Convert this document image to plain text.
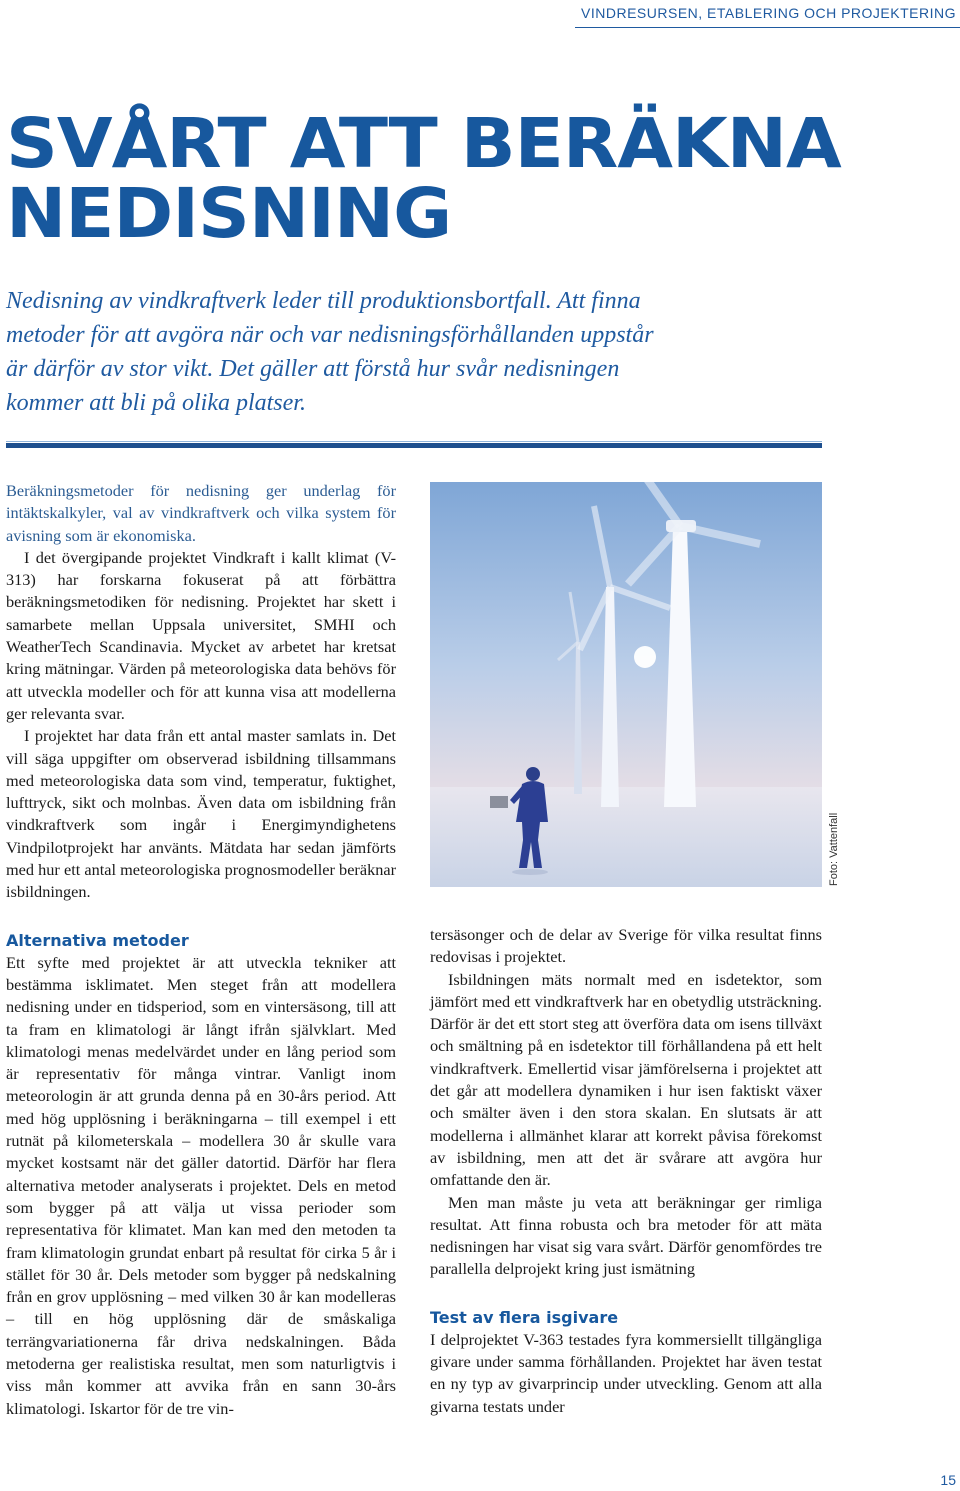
VINDRESURSEN, ETABLERING OCH PROJEKTERING
SVÅRT ATT BERÄKNA
NEDISNING

Nedisning av vindkraftverk leder till produktionsbortfall. Att finna
metoder för att avgöra när och var nedisningsförhållanden uppstår
är därför av stor vikt. Det gäller att förstå hur svår nedisningen
kommer att bli på olika platser.

Beräkningsmetoder för nedisning ger underlag för intäktskalkyler, val av vindkraftverk och vilka system för avisning som är ekonomiska.

I det övergipande projektet Vindkraft i kallt klimat (V-313) har forskarna fokuserat på att förbättra beräkningsmetodiken för nedisning. Projektet har skett i samarbete mellan Uppsala universitet, SMHI och WeatherTech Scandinavia. Mycket av arbetet har kretsat kring mätningar. Värden på meteorologiska data behövs för att utveckla modeller och för att kunna visa att modellerna ger relevanta svar.

I projektet har data från ett antal master samlats in. Det vill säga uppgifter om observerad isbildning tillsammans med meteorologiska data som vind, temperatur, fuktighet, lufttryck, sikt och molnbas. Även data om isbildning från vindkraftverk som ingår i Energimyndighetens Vindpilotprojekt har använts. Mätdata har sedan jämförts med hur ett antal meteorologiska prognosmodeller beräknar isbildningen.

Alternativa metoder

Ett syfte med projektet är att utveckla tekniker att bestämma isklimatet. Men steget från att modellera nedisning under en tidsperiod, som en vintersäsong, till att ta fram en klimatologi är långt ifrån självklart. Med klimatologi menas medelvärdet under en lång period som är representativ för många vintrar. Vanligt inom meteorologin är att grunda denna på en 30-års period. Att med hög upplösning i beräkningarna – till exempel i ett rutnät på kilometerskala – modellera 30 år skulle vara mycket kostsamt när det gäller datortid. Därför har flera alternativa metoder analyserats i projektet. Dels en metod som bygger på att välja ut vissa perioder som representativa för klimatet. Man kan med den metoden ta fram klimatologin grundat enbart på resultat för cirka 5 år i stället för 30 år. Dels metoder som bygger på nedskalning från en grov upplösning – med vilken 30 år kan modelleras – till en hög upplösning där de småskaliga terrängvariationerna får driva nedskalningen. Båda metoderna ger realistiska resultat, men som naturligtvis i viss mån kommer att avvika från en sann 30-års klimatologi. Iskartor för de tre vin-

Foto: Vattenfall

tersäsonger och de delar av Sverige för vilka resultat finns redovisas i projektet.

Isbildningen mäts normalt med en isdetektor, som jämfört med ett vindkraftverk har en obetydlig utsträckning. Därför är det ett stort steg att överföra data om isens tillväxt och smältning på en isdetektor till förhållandena på ett helt vindkraftverk. Emellertid visar jämförelserna i projektet att det går att modellera dynamiken i hur isen faktiskt växer och smälter även i den stora skalan. En slutsats är att modellerna i allmänhet klarar att korrekt påvisa förekomst av isbildning, men att det är svårare att avgöra hur omfattande den är.

Men man måste ju veta att beräkningar ger rimliga resultat. Att finna robusta och bra metoder för att mäta nedisningen har visat sig vara svårt. Därför genomfördes tre parallella delprojekt kring just ismätning

Test av flera isgivare

I delprojektet V-363 testades fyra kommersiellt tillgängliga givare under samma förhållanden. Projektet har även testat en ny typ av givarprincip under utveckling. Genom att alla givarna testats under

15
